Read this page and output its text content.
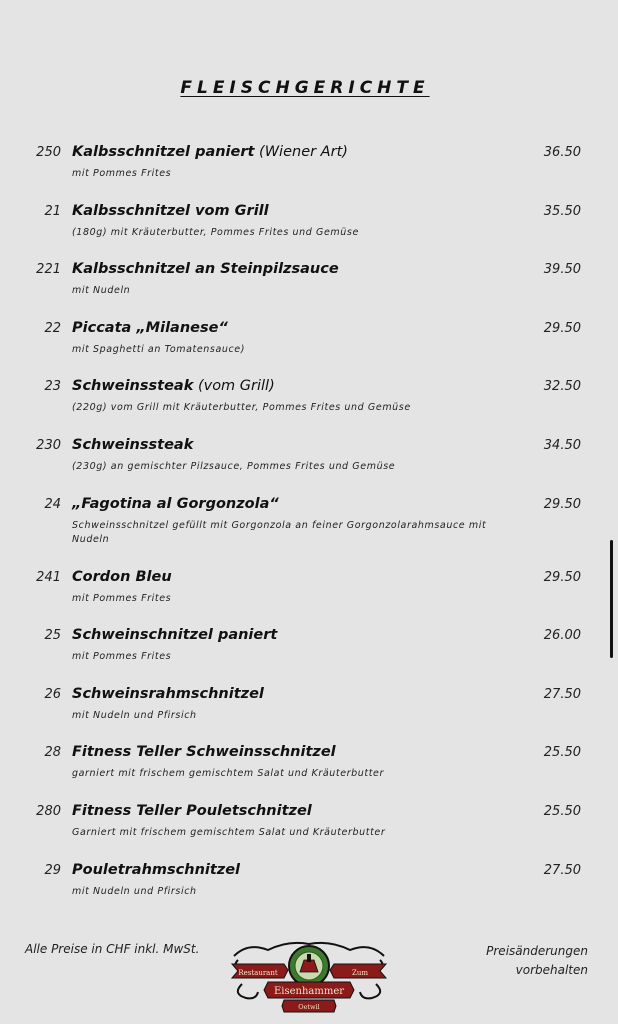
FLEISCHGERICHTE
250 Kalbsschnitzel paniert (Wiener Art)
mit Pommes Frites
36.50
21 Kalbsschnitzel vom Grill
(180g) mit Kräuterbutter, Pommes Frites und Gemüse
35.50
221 Kalbsschnitzel an Steinpilzsauce
mit Nudeln
39.50
22 Piccata „Milanese“
mit Spaghetti an Tomatensauce)
29.50
23 Schweinssteak (vom Grill)
(220g) vom Grill mit Kräuterbutter, Pommes Frites und Gemüse
32.50
230 Schweinssteak
(230g) an gemischter Pilzsauce, Pommes Frites und Gemüse
34.50
24 „Fagotina al Gorgonzola“
Schweinsschnitzel gefüllt mit Gorgonzola an feiner Gorgonzolarahmsauce mit Nudeln
29.50
241 Cordon Bleu
mit Pommes Frites
29.50
25 Schweinschnitzel paniert
mit Pommes Frites
26.00
26 Schweinsrahmschnitzel
mit Nudeln und Pfirsich
27.50
28 Fitness Teller Schweinsschnitzel
garniert mit frischem gemischtem Salat und Kräuterbutter
25.50
280 Fitness Teller Pouletschnitzel
Garniert mit frischem gemischtem Salat und Kräuterbutter
25.50
29 Pouletrahmschnitzel
mit Nudeln und Pfirsich
27.50
Alle Preise in CHF inkl. MwSt.
Restaurant	Zum
Eisenhammer
Oetwil
Preisänderungen
vorbehalten
